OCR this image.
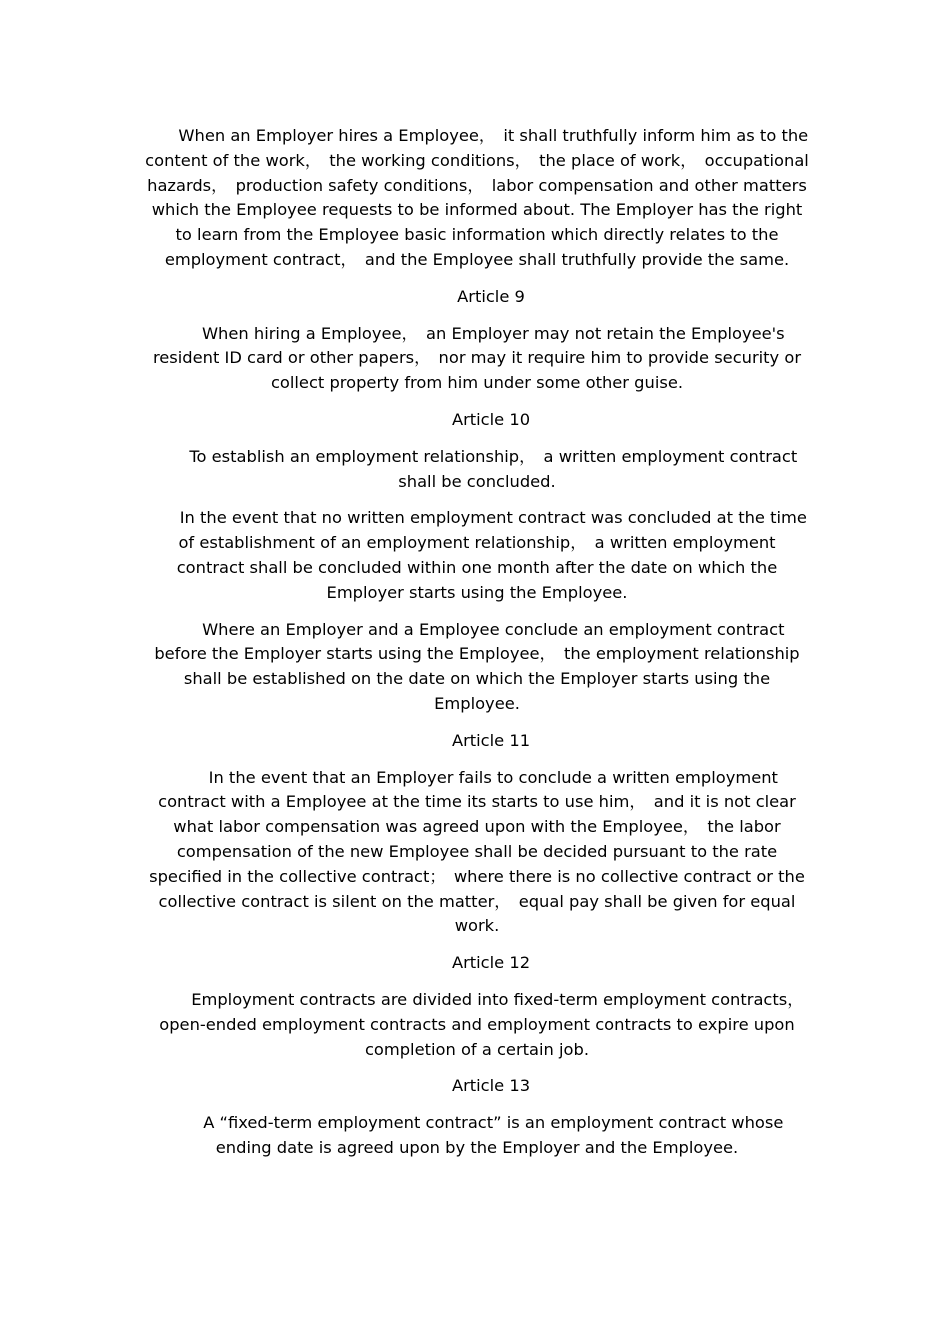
When an Employer hires a Employee，　it shall truthfully inform him as to the content of the work，　the working conditions，　the place of work，　occupational hazards，　production safety conditions，　labor compensation and other matters which the Employee requests to be informed about. The Employer has the right to learn from the Employee basic information which directly relates to the employment contract，　and the Employee shall truthfully provide the same.

Article 9

When hiring a Employee，　an Employer may not retain the Employee's resident ID card or other papers，　nor may it require him to provide security or collect property from him under some other guise.

Article 10

To establish an employment relationship，　a written employment contract shall be concluded.

In the event that no written employment contract was concluded at the time of establishment of an employment relationship，　a written employment contract shall be concluded within one month after the date on which the Employer starts using the Employee.

Where an Employer and a Employee conclude an employment contract before the Employer starts using the Employee，　the employment relationship shall be established on the date on which the Employer starts using the Employee.

Article 11

In the event that an Employer fails to conclude a written employment contract with a Employee at the time its starts to use him，　and it is not clear what labor compensation was agreed upon with the Employee，　the labor compensation of the new Employee shall be decided pursuant to the rate specified in the collective contract；　where there is no collective contract or the collective contract is silent on the matter，　equal pay shall be given for equal work.

Article 12

Employment contracts are divided into fixed-term employment contracts，　open-ended employment contracts and employment contracts to expire upon completion of a certain job.

Article 13

A “fixed-term employment contract” is an employment contract whose ending date is agreed upon by the Employer and the Employee.
